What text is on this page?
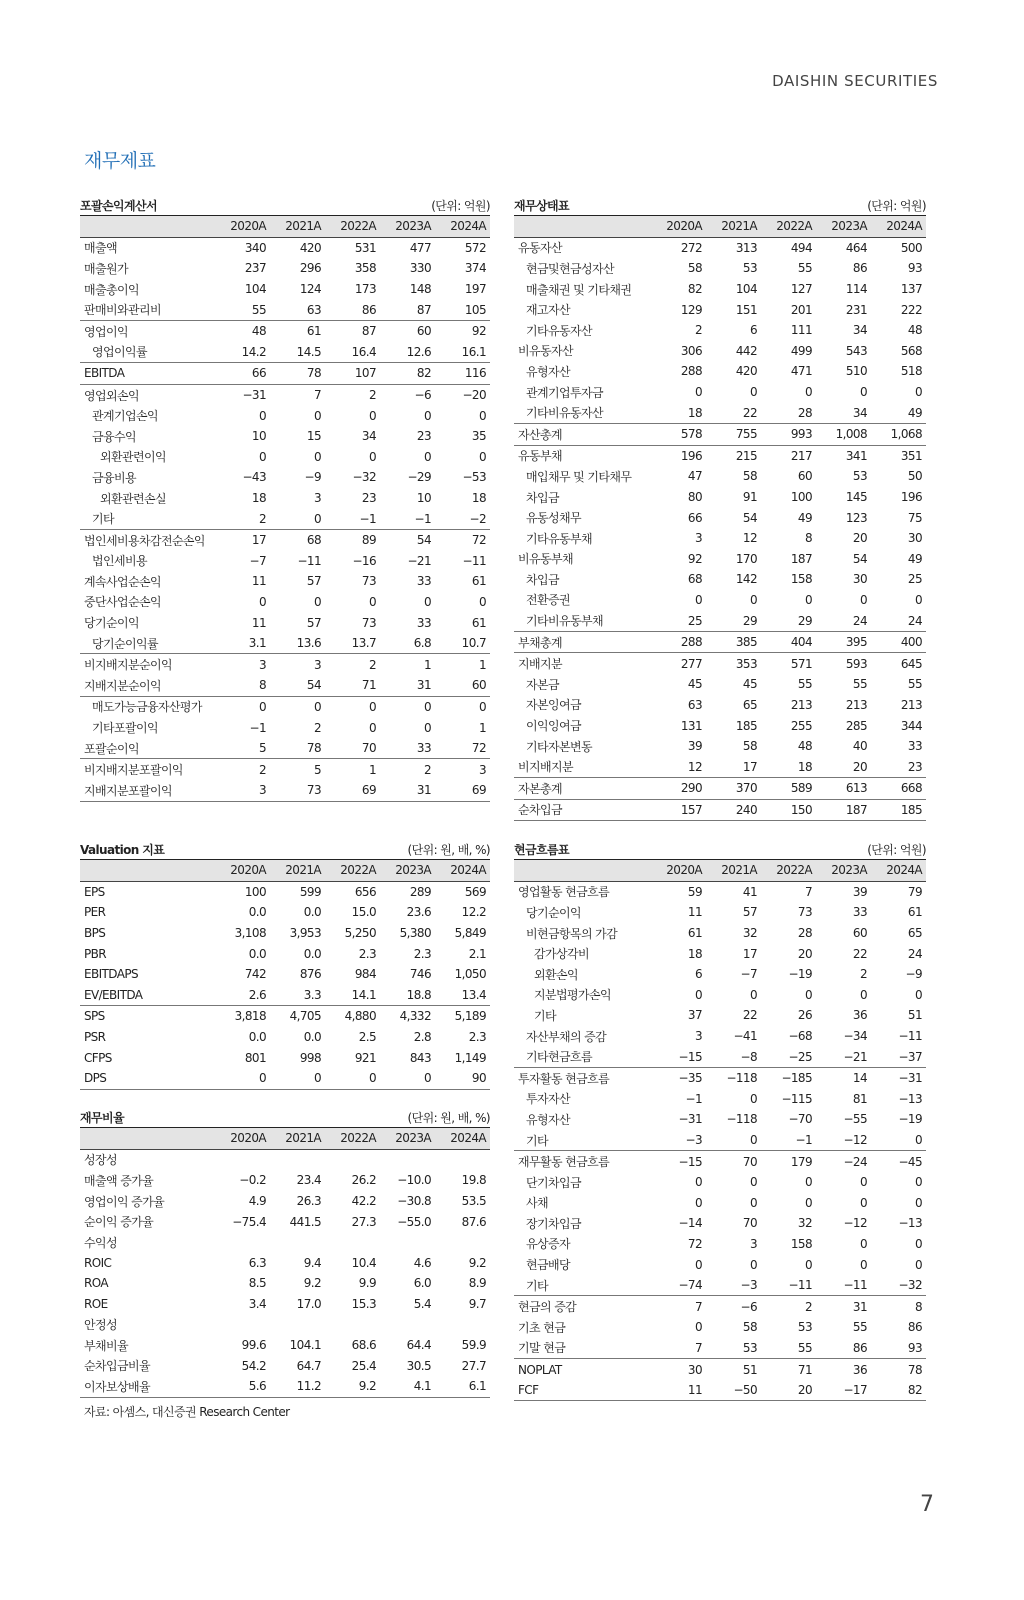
DAISHIN SECURITIES
재무제표
포괄손익계산서	(단위: 억원)
	2020A	2021A	2022A	2023A	2024A
매출액	340	420	531	477	572
매출원가	237	296	358	330	374
매출총이익	104	124	173	148	197
판매비와관리비	55	63	86	87	105
영업이익	48	61	87	60	92
영업이익률	14.2	14.5	16.4	12.6	16.1
EBITDA	66	78	107	82	116
영업외손익	−31	7	2	−6	−20
관계기업손익	0	0	0	0	0
금융수익	10	15	34	23	35
외환관련이익	0	0	0	0	0
금융비용	−43	−9	−32	−29	−53
외환관련손실	18	3	23	10	18
기타	2	0	−1	−1	−2
법인세비용차감전순손익	17	68	89	54	72
법인세비용	−7	−11	−16	−21	−11
계속사업순손익	11	57	73	33	61
중단사업순손익	0	0	0	0	0
당기순이익	11	57	73	33	61
당기순이익률	3.1	13.6	13.7	6.8	10.7
비지배지분순이익	3	3	2	1	1
지배지분순이익	8	54	71	31	60
매도가능금융자산평가	0	0	0	0	0
기타포괄이익	−1	2	0	0	1
포괄순이익	5	78	70	33	72
비지배지분포괄이익	2	5	1	2	3
지배지분포괄이익	3	73	69	31	69
재무상태표	(단위: 억원)
	2020A	2021A	2022A	2023A	2024A
유동자산	272	313	494	464	500
현금및현금성자산	58	53	55	86	93
매출채권 및 기타채권	82	104	127	114	137
재고자산	129	151	201	231	222
기타유동자산	2	6	111	34	48
비유동자산	306	442	499	543	568
유형자산	288	420	471	510	518
관계기업투자금	0	0	0	0	0
기타비유동자산	18	22	28	34	49
자산총계	578	755	993	1,008	1,068
유동부채	196	215	217	341	351
매입채무 및 기타채무	47	58	60	53	50
차입금	80	91	100	145	196
유동성채무	66	54	49	123	75
기타유동부채	3	12	8	20	30
비유동부채	92	170	187	54	49
차입금	68	142	158	30	25
전환증권	0	0	0	0	0
기타비유동부채	25	29	29	24	24
부채총계	288	385	404	395	400
지배지분	277	353	571	593	645
자본금	45	45	55	55	55
자본잉여금	63	65	213	213	213
이익잉여금	131	185	255	285	344
기타자본변동	39	58	48	40	33
비지배지분	12	17	18	20	23
자본총계	290	370	589	613	668
순차입금	157	240	150	187	185
Valuation 지표	(단위: 원, 배, %)
	2020A	2021A	2022A	2023A	2024A
EPS	100	599	656	289	569
PER	0.0	0.0	15.0	23.6	12.2
BPS	3,108	3,953	5,250	5,380	5,849
PBR	0.0	0.0	2.3	2.3	2.1
EBITDAPS	742	876	984	746	1,050
EV/EBITDA	2.6	3.3	14.1	18.8	13.4
SPS	3,818	4,705	4,880	4,332	5,189
PSR	0.0	0.0	2.5	2.8	2.3
CFPS	801	998	921	843	1,149
DPS	0	0	0	0	90
재무비율	(단위: 원, 배, %)
	2020A	2021A	2022A	2023A	2024A
성장성					
매출액 증가율	−0.2	23.4	26.2	−10.0	19.8
영업이익 증가율	4.9	26.3	42.2	−30.8	53.5
순이익 증가율	−75.4	441.5	27.3	−55.0	87.6
수익성					
ROIC	6.3	9.4	10.4	4.6	9.2
ROA	8.5	9.2	9.9	6.0	8.9
ROE	3.4	17.0	15.3	5.4	9.7
안정성					
부채비율	99.6	104.1	68.6	64.4	59.9
순차입금비율	54.2	64.7	25.4	30.5	27.7
이자보상배율	5.6	11.2	9.2	4.1	6.1
현금흐름표	(단위: 억원)
	2020A	2021A	2022A	2023A	2024A
영업활동 현금흐름	59	41	7	39	79
당기순이익	11	57	73	33	61
비현금항목의 가감	61	32	28	60	65
감가상각비	18	17	20	22	24
외환손익	6	−7	−19	2	−9
지분법평가손익	0	0	0	0	0
기타	37	22	26	36	51
자산부채의 증감	3	−41	−68	−34	−11
기타현금흐름	−15	−8	−25	−21	−37
투자활동 현금흐름	−35	−118	−185	14	−31
투자자산	−1	0	−115	81	−13
유형자산	−31	−118	−70	−55	−19
기타	−3	0	−1	−12	0
재무활동 현금흐름	−15	70	179	−24	−45
단기차입금	0	0	0	0	0
사채	0	0	0	0	0
장기차입금	−14	70	32	−12	−13
유상증자	72	3	158	0	0
현금배당	0	0	0	0	0
기타	−74	−3	−11	−11	−32
현금의 증감	7	−6	2	31	8
기초 현금	0	58	53	55	86
기말 현금	7	53	55	86	93
NOPLAT	30	51	71	36	78
FCF	11	−50	20	−17	82
자료: 아셈스, 대신증권 Research Center
7
